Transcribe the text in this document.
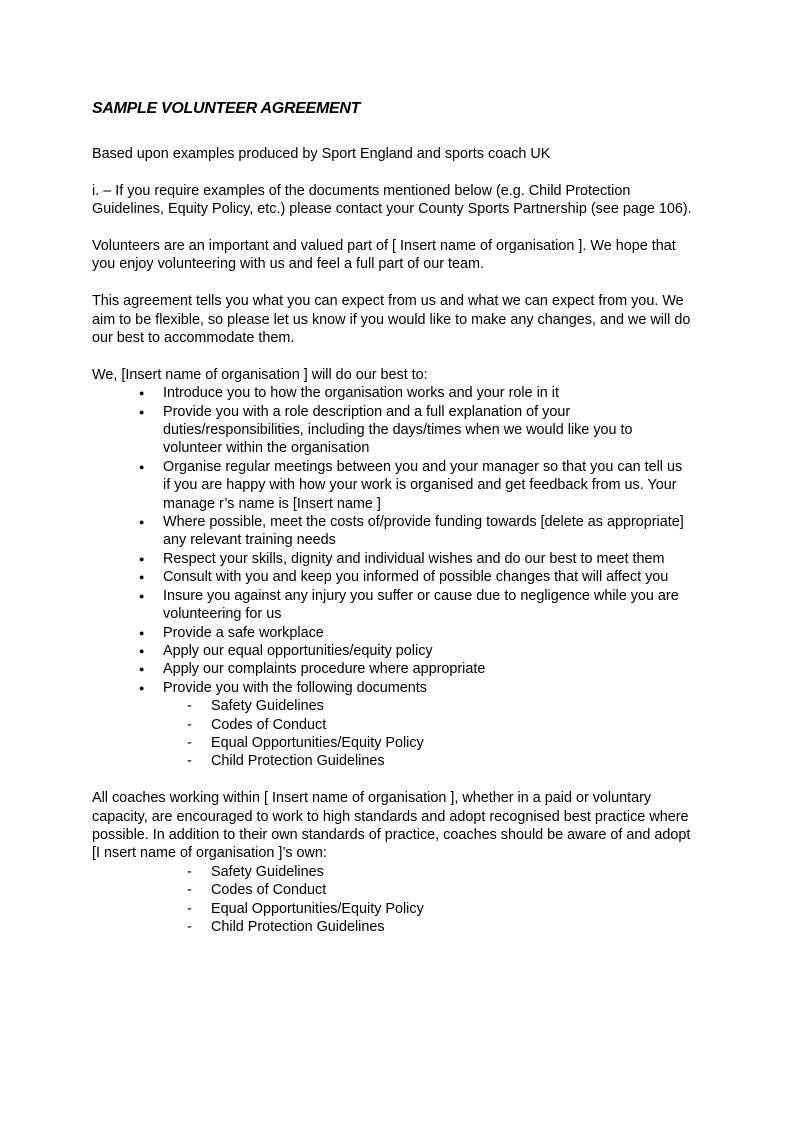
SAMPLE VOLUNTEER AGREEMENT

Based upon examples produced by Sport England and sports coach UK

i. – If you require examples of the documents mentioned below (e.g. Child Protection Guidelines, Equity Policy, etc.) please contact your County Sports Partnership (see page 106).

Volunteers are an important and valued part of [ Insert name of organisation ]. We hope that you enjoy volunteering with us and feel a full part of our team.

This agreement tells you what you can expect from us and what we can expect from you. We aim to be flexible, so please let us know if you would like to make any changes, and we will do our best to accommodate them.

We, [Insert name of organisation ] will do our best to:

● Introduce you to how the organisation works and your role in it
● Provide you with a role description and a full explanation of your duties/responsibilities, including the days/times when we would like you to volunteer within the organisation
● Organise regular meetings between you and your manager so that you can tell us if you are happy with how your work is organised and get feedback from us. Your manage r’s name is [Insert name ]
● Where possible, meet the costs of/provide funding towards [delete as appropriate] any relevant training needs
● Respect your skills, dignity and individual wishes and do our best to meet them
● Consult with you and keep you informed of possible changes that will affect you
● Insure you against any injury you suffer or cause due to negligence while you are volunteering for us
● Provide a safe workplace
● Apply our equal opportunities/equity policy
● Apply our complaints procedure where appropriate
● Provide you with the following documents
- Safety Guidelines
- Codes of Conduct
- Equal Opportunities/Equity Policy
- Child Protection Guidelines

All coaches working within [ Insert name of organisation ], whether in a paid or voluntary capacity, are encouraged to work to high standards and adopt recognised best practice where possible. In addition to their own standards of practice, coaches should be aware of and adopt [I nsert name of organisation ]’s own:

- Safety Guidelines
- Codes of Conduct
- Equal Opportunities/Equity Policy
- Child Protection Guidelines
